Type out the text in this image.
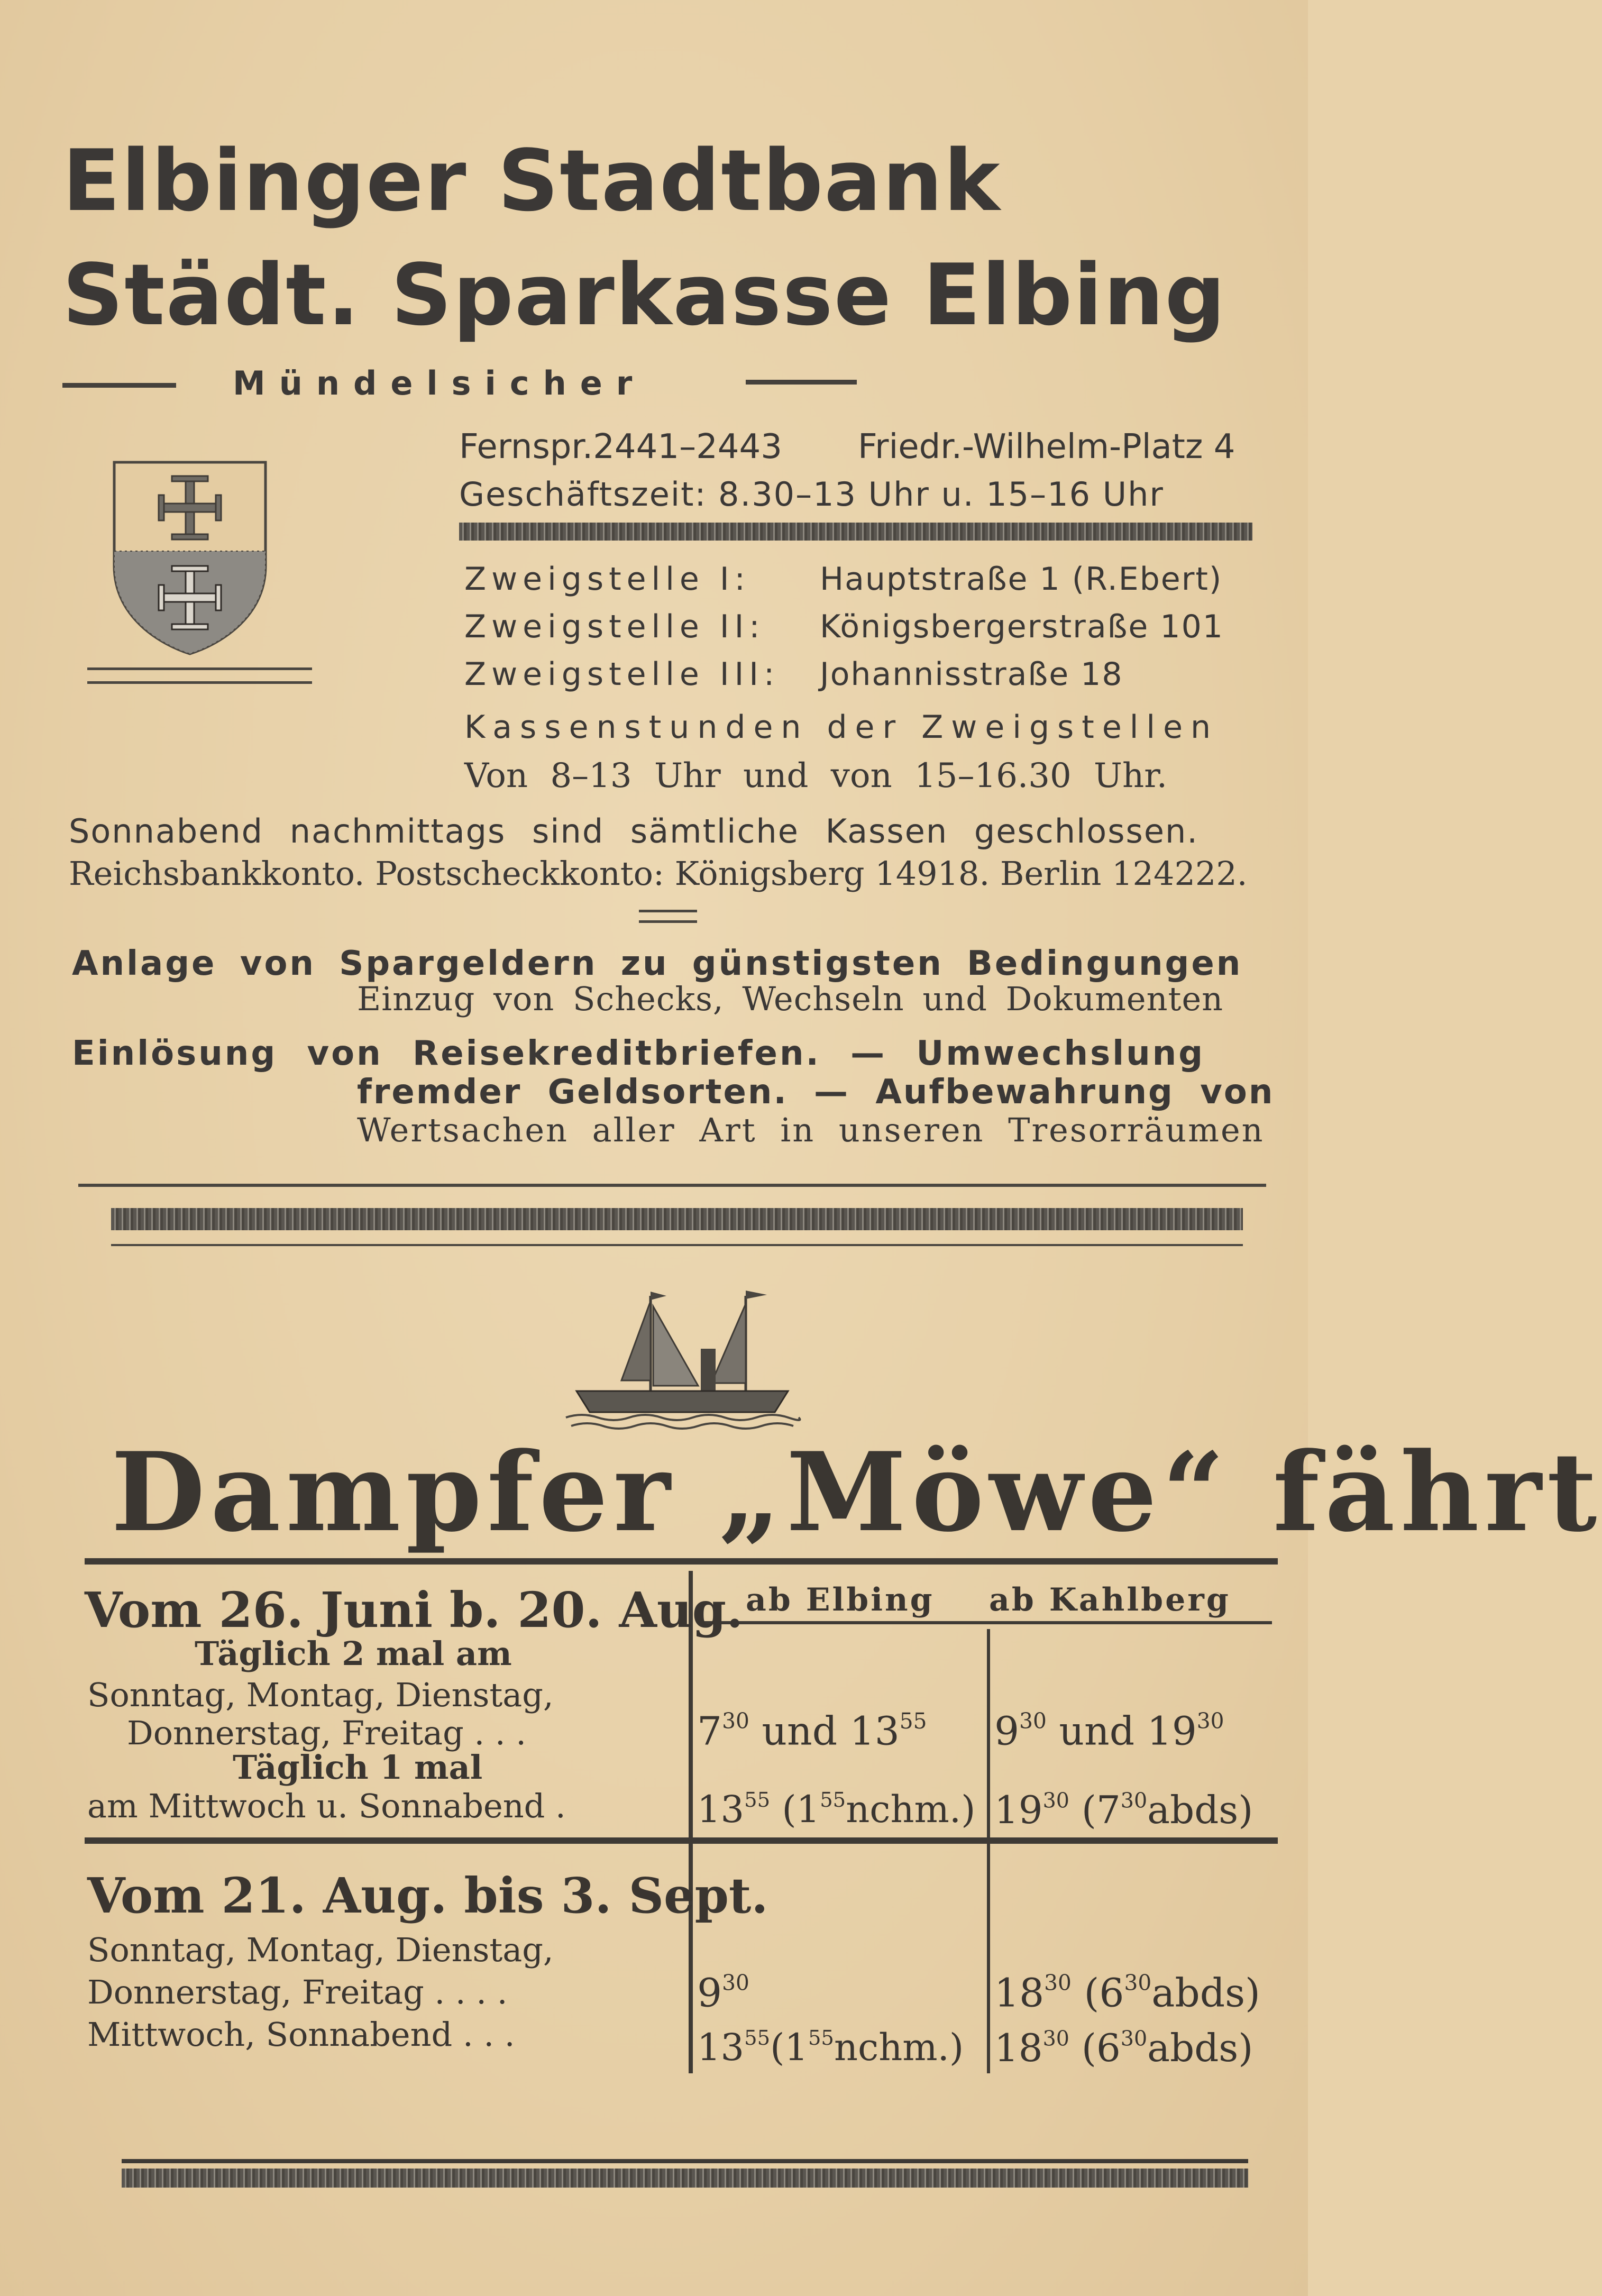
Elbinger Stadtbank
Städt. Sparkasse Elbing
Mündelsicher
Fernspr.2441–2443 Friedr.-Wilhelm-Platz 4
Geschäftszeit: 8.30–13 Uhr u. 15–16 Uhr
Zweigstelle I: Hauptstraße 1 (R.Ebert)
Zweigstelle II: Königsbergerstraße 101
Zweigstelle III: Johannisstraße 18
Kassenstunden der Zweigstellen
Von 8–13 Uhr und von 15–16.30 Uhr.
Sonnabend nachmittags sind sämtliche Kassen geschlossen.
Reichsbankkonto. Postscheckkonto: Königsberg 14918. Berlin 124222.
Anlage von Spargeldern zu günstigsten Bedingungen
Einzug von Schecks, Wechseln und Dokumenten
Einlösung von Reisekreditbriefen. — Umwechslung
fremder Geldsorten. — Aufbewahrung von
Wertsachen aller Art in unseren Tresorräumen
Dampfer „Möwe“ fährt
ab Elbing ab Kahlberg
Vom 26. Juni b. 20. Aug.
Täglich 2 mal am
Sonntag, Montag, Dienstag,
Donnerstag, Freitag . . .
Täglich 1 mal
am Mittwoch u. Sonnabend .
$7^{30}$ und $13^{55}$ $9^{30}$ und $19^{30}$
$13^{55}$ $(1^{55}nchm.)$ $19^{30}$ $(7^{30}abds)$
Vom 21. Aug. bis 3. Sept.
Sonntag, Montag, Dienstag,
Donnerstag, Freitag . . . .
Mittwoch, Sonnabend . . .
$9^{30}$	$18^{30}$ $(6^{30}abds)$
$13^{55}(1^{55}nchm.)$ $18^{30}$ $(6^{30}abds)$
